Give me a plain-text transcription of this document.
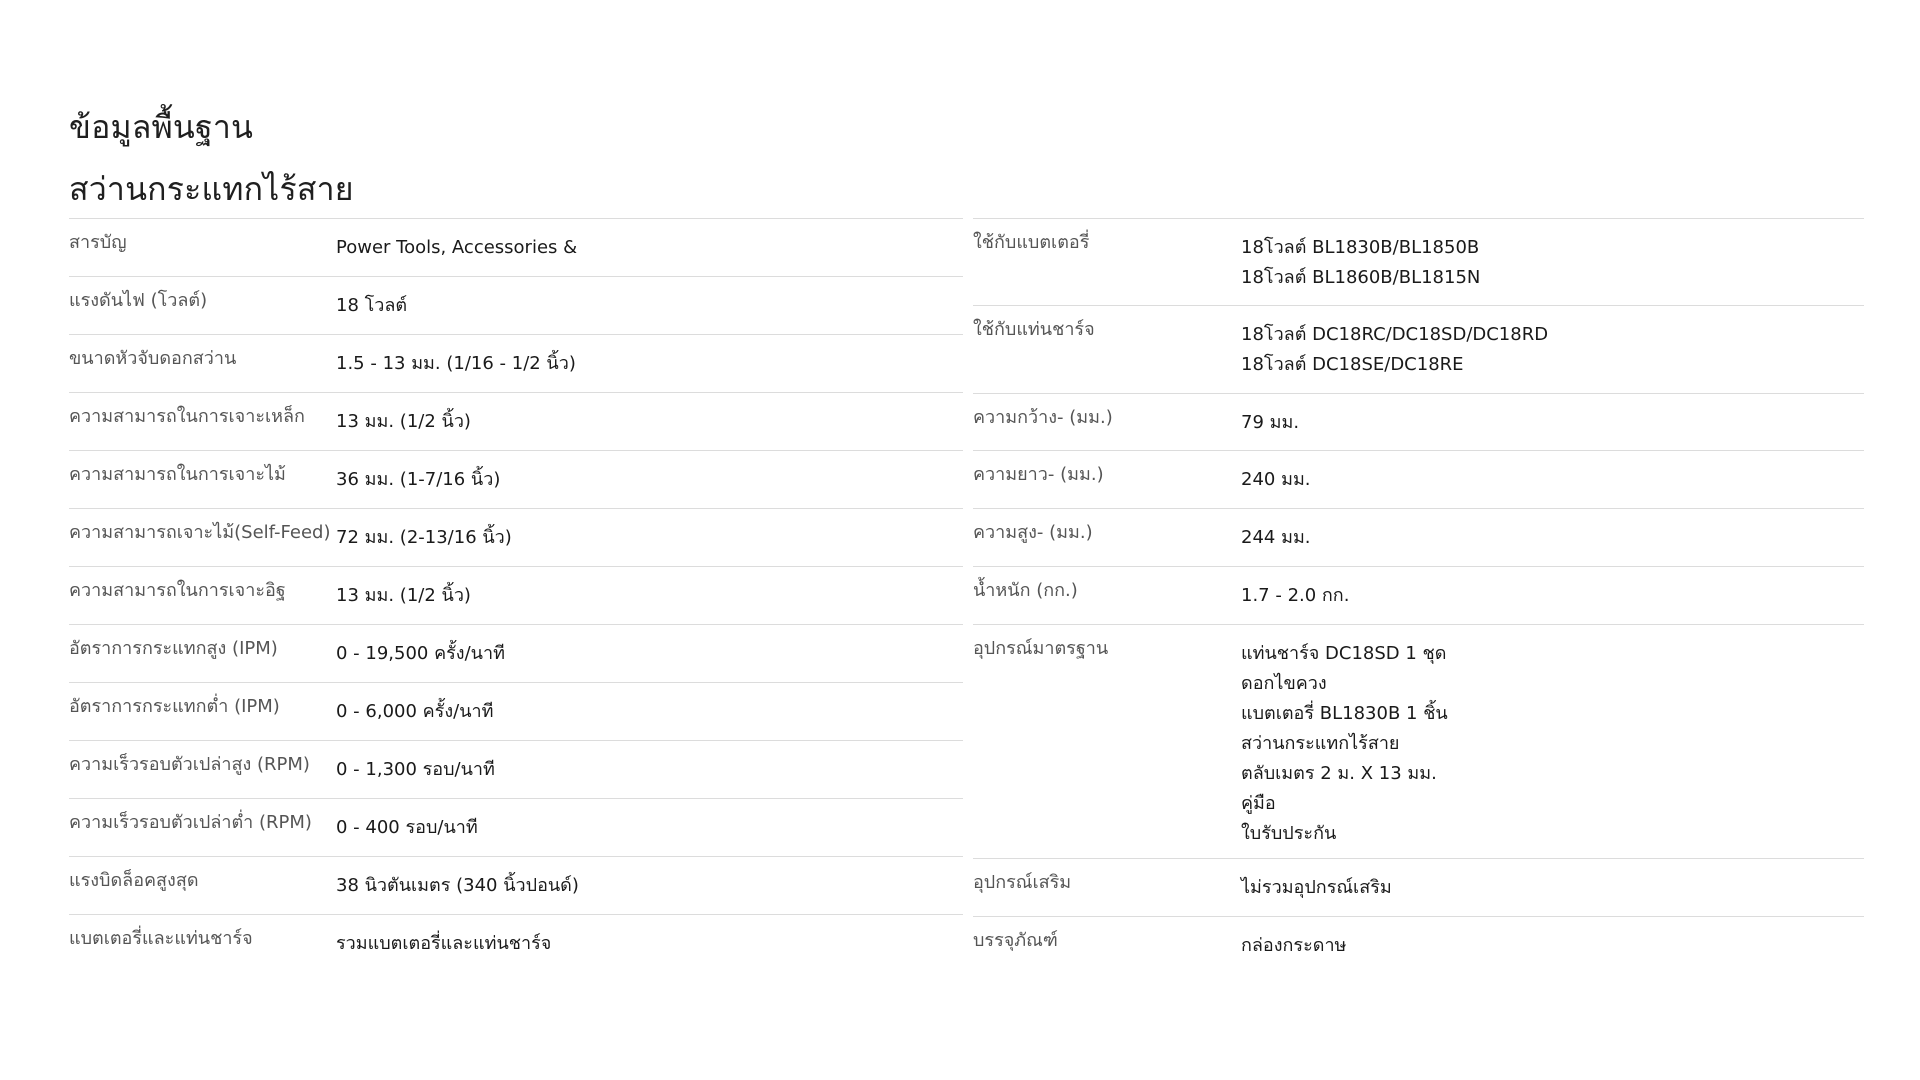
ข้อมูลพื้นฐาน
สว่านกระแทกไร้สาย
สารบัญ	Power Tools, Accessories &
แรงดันไฟ (โวลต์)	18 โวลต์
ขนาดหัวจับดอกสว่าน	1.5 - 13 มม. (1/16 - 1/2 นิ้ว)
ความสามารถในการเจาะเหล็ก	13 มม. (1/2 นิ้ว)
ความสามารถในการเจาะไม้	36 มม. (1-7/16 นิ้ว)
ความสามารถเจาะไม้(Self-Feed) 72 มม. (2-13/16 นิ้ว)
ความสามารถในการเจาะอิฐ	13 มม. (1/2 นิ้ว)
อัตราการกระแทกสูง (IPM)	0 - 19,500 ครั้ง/นาที
อัตราการกระแทกต่ำ (IPM)	0 - 6,000 ครั้ง/นาที
ความเร็วรอบตัวเปล่าสูง (RPM)	0 - 1,300 รอบ/นาที
ความเร็วรอบตัวเปล่าต่ำ (RPM)	0 - 400 รอบ/นาที
แรงบิดล็อคสูงสุด	38 นิวตันเมตร (340 นิ้วปอนด์)
แบตเตอรี่และแท่นชาร์จ	รวมแบตเตอรี่และแท่นชาร์จ
ใช้กับแบตเตอรี่	18โวลต์ BL1830B/BL1850B
18โวลต์ BL1860B/BL1815N
ใช้กับแท่นชาร์จ	18โวลต์ DC18RC/DC18SD/DC18RD
18โวลต์ DC18SE/DC18RE
ความกว้าง- (มม.)	79 มม.
ความยาว- (มม.)	240 มม.
ความสูง- (มม.)	244 มม.
น้ำหนัก (กก.)	1.7 - 2.0 กก.
อุปกรณ์มาตรฐาน	แท่นชาร์จ DC18SD 1 ชุด
ดอกไขควง
แบตเตอรี่ BL1830B 1 ชิ้น
สว่านกระแทกไร้สาย
ตลับเมตร 2 ม. X 13 มม.
คู่มือ
ใบรับประกัน
อุปกรณ์เสริม	ไม่รวมอุปกรณ์เสริม
บรรจุภัณฑ์	กล่องกระดาษ
